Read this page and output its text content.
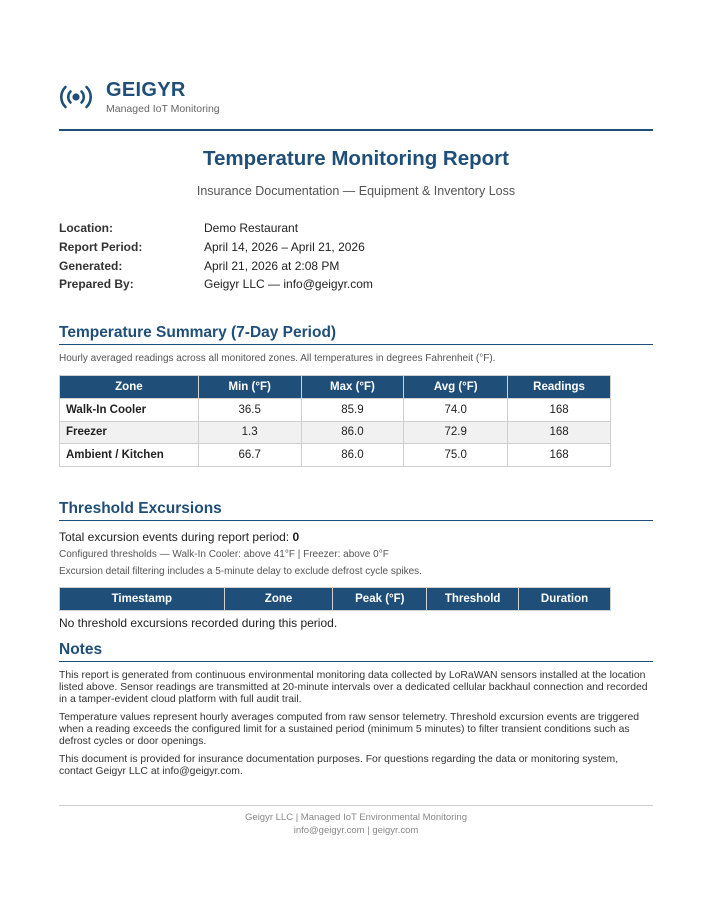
GEIGYR
Managed IoT Monitoring
Temperature Monitoring Report
Insurance Documentation — Equipment & Inventory Loss
Location:	Demo Restaurant
Report Period:	April 14, 2026 – April 21, 2026
Generated:	April 21, 2026 at 2:08 PM
Prepared By:	Geigyr LLC — info@geigyr.com
Temperature Summary (7-Day Period)
Hourly averaged readings across all monitored zones. All temperatures in degrees Fahrenheit (°F).
Zone	Min (°F)	Max (°F)	Avg (°F)	Readings
Walk-In Cooler	36.5	85.9	74.0	168
Freezer	1.3	86.0	72.9	168
Ambient / Kitchen	66.7	86.0	75.0	168
Threshold Excursions
Total excursion events during report period: 0
Configured thresholds — Walk-In Cooler: above 41°F | Freezer: above 0°F
Excursion detail filtering includes a 5-minute delay to exclude defrost cycle spikes.
Timestamp	Zone	Peak (°F)	Threshold	Duration
No threshold excursions recorded during this period.
Notes

This report is generated from continuous environmental monitoring data collected by LoRaWAN sensors installed at the location listed above. Sensor readings are transmitted at 20-minute intervals over a dedicated cellular backhaul connection and recorded in a tamper-evident cloud platform with full audit trail.

Temperature values represent hourly averages computed from raw sensor telemetry. Threshold excursion events are triggered when a reading exceeds the configured limit for a sustained period (minimum 5 minutes) to filter transient conditions such as defrost cycles or door openings.

This document is provided for insurance documentation purposes. For questions regarding the data or monitoring system, contact Geigyr LLC at info@geigyr.com.

Geigyr LLC | Managed IoT Environmental Monitoring
info@geigyr.com | geigyr.com
